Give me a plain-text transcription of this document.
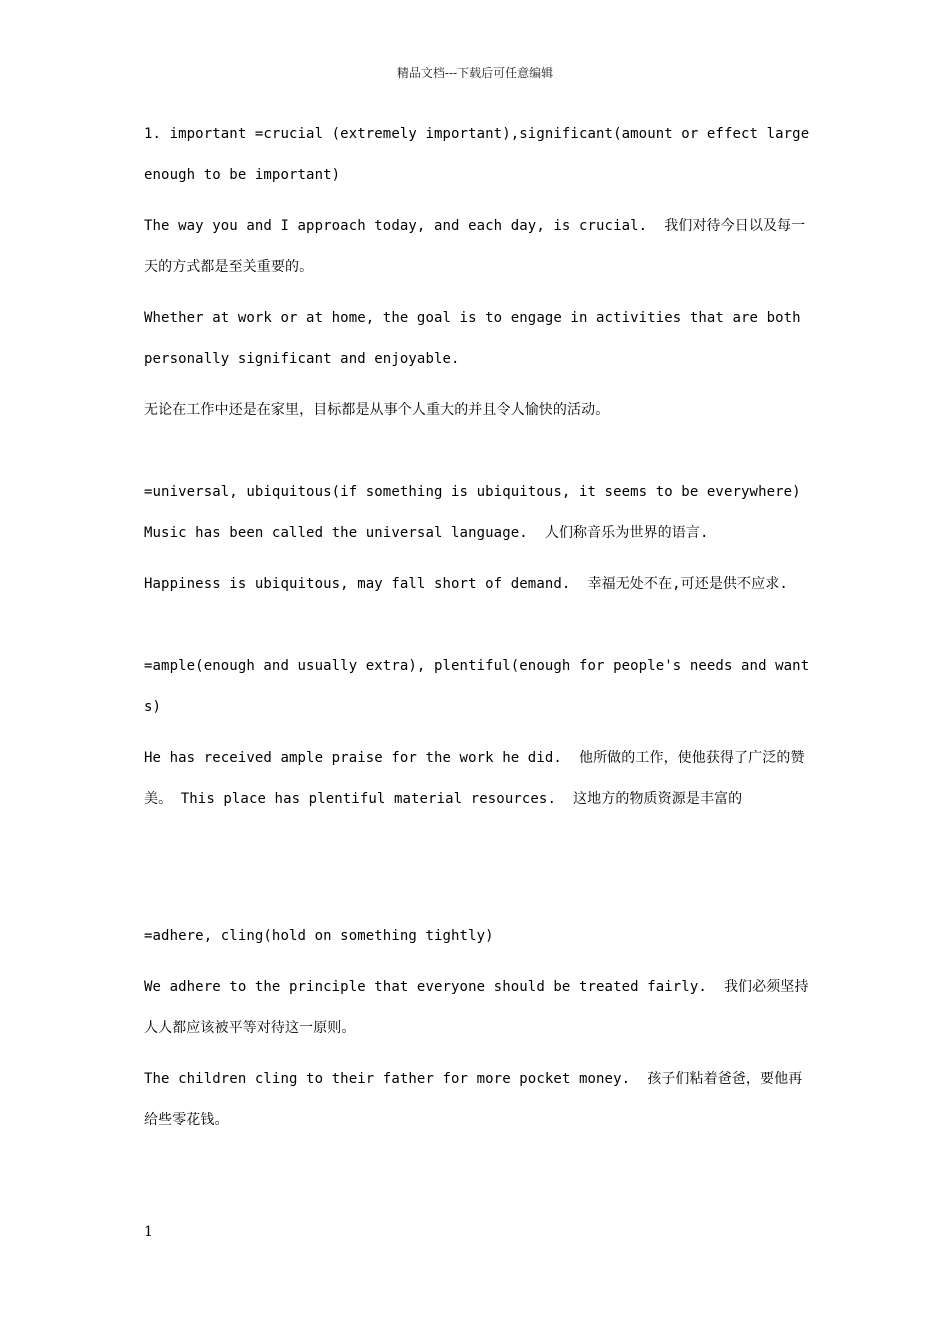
精品文档---下载后可任意编辑

1. important =crucial (extremely important),significant(amount or effect large enough to be important)

The way you and I approach today, and each day, is crucial.  我们对待今日以及每一天的方式都是至关重要的。

Whether at work or at home, the goal is to engage in activities that are both personally significant and enjoyable.

无论在工作中还是在家里，目标都是从事个人重大的并且令人愉快的活动。

=universal, ubiquitous(if something is ubiquitous, it seems to be everywhere) Music has been called the universal language.  人们称音乐为世界的语言.

Happiness is ubiquitous, may fall short of demand.  幸福无处不在,可还是供不应求.

=ample(enough and usually extra), plentiful(enough for people's needs and wants)

He has received ample praise for the work he did.  他所做的工作，使他获得了广泛的赞美。 This place has plentiful material resources.  这地方的物质资源是丰富的

=adhere, cling(hold on something tightly)

We adhere to the principle that everyone should be treated fairly.  我们必须坚持人人都应该被平等对待这一原则。

The children cling to their father for more pocket money.  孩子们粘着爸爸，要他再给些零花钱。

1
